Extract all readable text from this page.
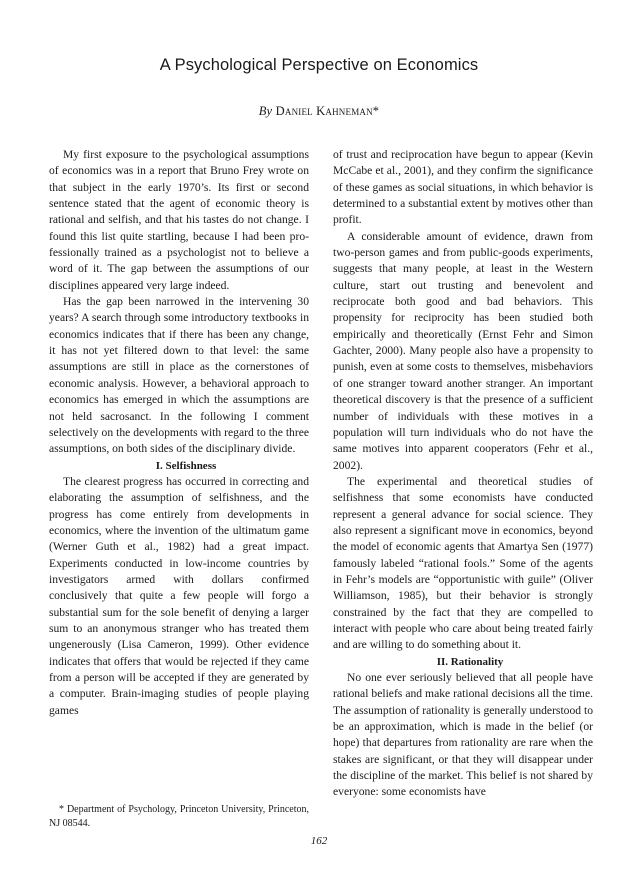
A Psychological Perspective on Economics
By Daniel Kahneman*

My first exposure to the psychological assumptions of economics was in a report that Bruno Frey wrote on that subject in the early 1970’s. Its first or second sentence stated that the agent of economic theory is rational and selfish, and that his tastes do not change. I found this list quite startling, because I had been professionally trained as a psychologist not to believe a word of it. The gap between the assumptions of our disciplines appeared very large indeed.

Has the gap been narrowed in the intervening 30 years? A search through some introductory textbooks in economics indicates that if there has been any change, it has not yet filtered down to that level: the same assumptions are still in place as the cornerstones of economic analysis. However, a behavioral approach to economics has emerged in which the assumptions are not held sacrosanct. In the following I comment selectively on the developments with regard to the three assumptions, on both sides of the disciplinary divide.

I. Selfishness

The clearest progress has occurred in correcting and elaborating the assumption of selfishness, and the progress has come entirely from developments in economics, where the invention of the ultimatum game (Werner Guth et al., 1982) had a great impact. Experiments conducted in low-income countries by investigators armed with dollars confirmed conclusively that quite a few people will forgo a substantial sum for the sole benefit of denying a larger sum to an anonymous stranger who has treated them ungenerously (Lisa Cameron, 1999). Other evidence indicates that offers that would be rejected if they came from a person will be accepted if they are generated by a computer. Brain-imaging studies of people playing games

of trust and reciprocation have begun to appear (Kevin McCabe et al., 2001), and they confirm the significance of these games as social situations, in which behavior is determined to a substantial extent by motives other than profit.

A considerable amount of evidence, drawn from two-person games and from public-goods experiments, suggests that many people, at least in the Western culture, start out trusting and benevolent and reciprocate both good and bad behaviors. This propensity for reciprocity has been studied both empirically and theoretically (Ernst Fehr and Simon Gachter, 2000). Many people also have a propensity to punish, even at some costs to themselves, misbehaviors of one stranger toward another stranger. An important theoretical discovery is that the presence of a sufficient number of individuals with these motives in a population will turn individuals who do not have the same motives into apparent cooperators (Fehr et al., 2002).

The experimental and theoretical studies of selfishness that some economists have conducted represent a general advance for social science. They also represent a significant move in economics, beyond the model of economic agents that Amartya Sen (1977) famously labeled “rational fools.” Some of the agents in Fehr’s models are “opportunistic with guile” (Oliver Williamson, 1985), but their behavior is strongly constrained by the fact that they are compelled to interact with people who care about being treated fairly and are willing to do something about it.

II. Rationality

No one ever seriously believed that all people have rational beliefs and make rational decisions all the time. The assumption of rationality is generally understood to be an approximation, which is made in the belief (or hope) that departures from rationality are rare when the stakes are significant, or that they will disappear under the discipline of the market. This belief is not shared by everyone: some economists have

* Department of Psychology, Princeton University, Princeton, NJ 08544.

162
